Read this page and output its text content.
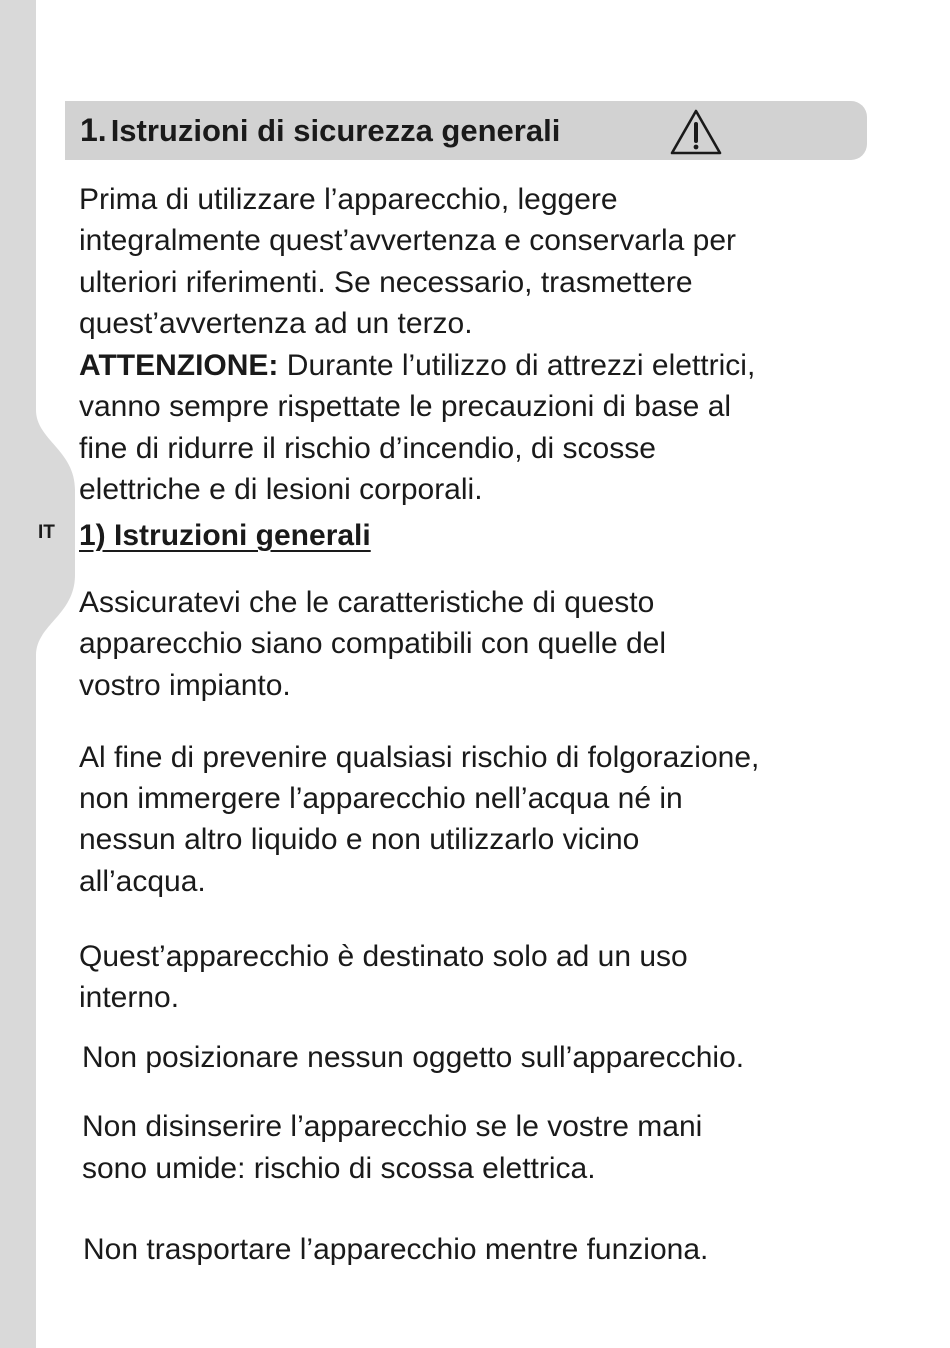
IT
1. Istruzioni di sicurezza generali

Prima di utilizzare l’apparecchio, leggere

integralmente quest’avvertenza e conservarla per

ulteriori riferimenti. Se necessario, trasmettere

quest’avvertenza ad un terzo.

ATTENZIONE: Durante l’utilizzo di attrezzi elettrici,

vanno sempre rispettate le precauzioni di base al

fine di ridurre il rischio d’incendio, di scosse

elettriche e di lesioni corporali.

1) Istruzioni generali

Assicuratevi che le caratteristiche di questo

apparecchio siano compatibili con quelle del

vostro impianto.

Al fine di prevenire qualsiasi rischio di folgorazione,

non immergere l’apparecchio nell’acqua né in

nessun altro liquido e non utilizzarlo vicino

all’acqua.

Quest’apparecchio è destinato solo ad un uso

interno.

Non posizionare nessun oggetto sull’apparecchio.

Non disinserire l’apparecchio se le vostre mani

sono umide: rischio di scossa elettrica.

Non trasportare l’apparecchio mentre funziona.
